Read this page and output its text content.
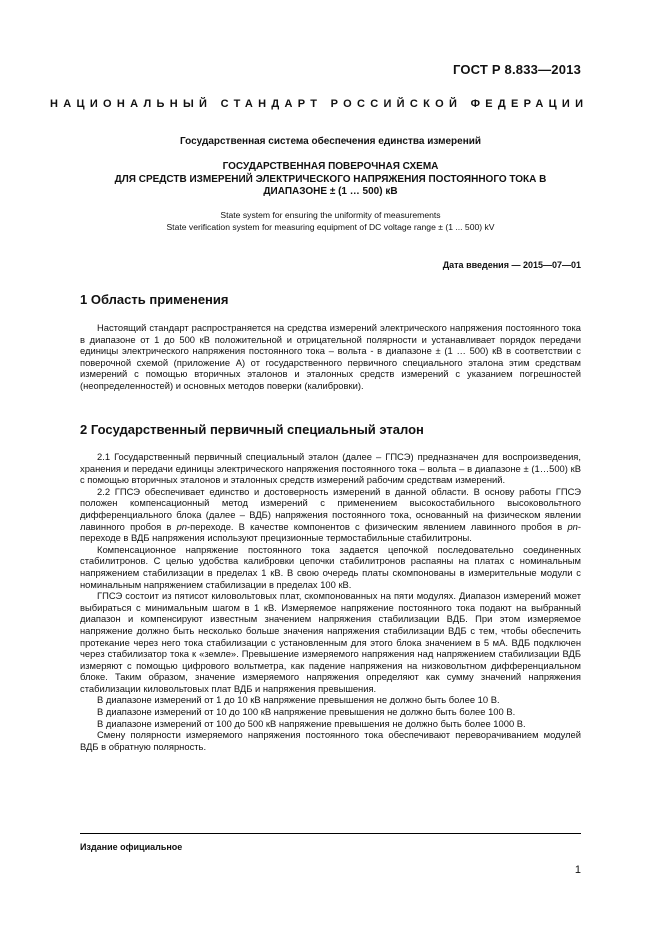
ГОСТ Р 8.833—2013
НАЦИОНАЛЬНЫЙ СТАНДАРТ РОССИЙСКОЙ ФЕДЕРАЦИИ
Государственная система обеспечения единства измерений
ГОСУДАРСТВЕННАЯ ПОВЕРОЧНАЯ СХЕМА
ДЛЯ СРЕДСТВ ИЗМЕРЕНИЙ ЭЛЕКТРИЧЕСКОГО НАПРЯЖЕНИЯ ПОСТОЯННОГО ТОКА В
ДИАПАЗОНЕ ± (1 … 500) кВ
State system for ensuring the uniformity of measurements
State verification system for measuring equipment of DC voltage range ± (1 ... 500) kV
Дата введения — 2015—07—01
1 Область применения

Настоящий стандарт распространяется на средства измерений электрического напряжения постоянного тока в диапазоне от 1 до 500 кВ положительной и отрицательной полярности и устанавливает порядок передачи единицы электрического напряжения постоянного тока – вольта - в диапазоне ± (1 … 500) кВ в соответствии с поверочной схемой (приложение А) от государственного первичного специального эталона этим средствам измерений с помощью вторичных эталонов и эталонных средств измерений с указанием погрешностей (неопределенностей) и основных методов поверки (калибровки).

2 Государственный первичный специальный эталон

2.1 Государственный первичный специальный эталон (далее – ГПСЭ) предназначен для воспроизведения, хранения и передачи единицы электрического напряжения постоянного тока – вольта – в диапазоне ± (1…500) кВ с помощью вторичных эталонов и эталонных средств измерений рабочим средствам измерений.

2.2 ГПСЭ обеспечивает единство и достоверность измерений в данной области. В основу работы ГПСЭ положен компенсационный метод измерений с применением высокостабильного высоковольтного дифференциального блока (далее – ВДБ) напряжения постоянного тока, основанный на физическом явлении лавинного пробоя в pn-переходе. В качестве компонентов с физическим явлением лавинного пробоя в pn-переходе в ВДБ напряжения используют прецизионные термостабильные стабилитроны.

Компенсационное напряжение постоянного тока задается цепочкой последовательно соединенных стабилитронов. С целью удобства калибровки цепочки стабилитронов распаяны на платах с номинальным напряжением стабилизации в пределах 1 кВ. В свою очередь платы скомпонованы в измерительные модули с номинальным напряжением стабилизации в пределах 100 кВ.

ГПСЭ состоит из пятисот киловольтовых плат, скомпонованных на пяти модулях. Диапазон измерений может выбираться с минимальным шагом в 1 кВ. Измеряемое напряжение постоянного тока подают на выбранный диапазон и компенсируют известным значением напряжения стабилизации ВДБ. При этом измеряемое напряжение должно быть несколько больше значения напряжения стабилизации ВДБ с тем, чтобы обеспечить протекание через него тока стабилизации с установленным для этого блока значением в 5 мА. ВДБ подключен через стабилизатор тока к «земле». Превышение измеряемого напряжения над напряжением стабилизации ВДБ измеряют с помощью цифрового вольтметра, как падение напряжения на низковольтном дифференциальном блоке. Таким образом, значение измеряемого напряжения определяют как сумму значений напряжения стабилизации киловольтовых плат ВДБ и напряжения превышения.

В диапазоне измерений от 1 до 10 кВ напряжение превышения не должно быть более 10 В.

В диапазоне измерений от 10 до 100 кВ напряжение превышения не должно быть более 100 В.

В диапазоне измерений от 100 до 500 кВ напряжение превышения не должно быть более 1000 В.

Смену полярности измеряемого напряжения постоянного тока обеспечивают переворачиванием модулей ВДБ в обратную полярность.

Издание официальное
1
